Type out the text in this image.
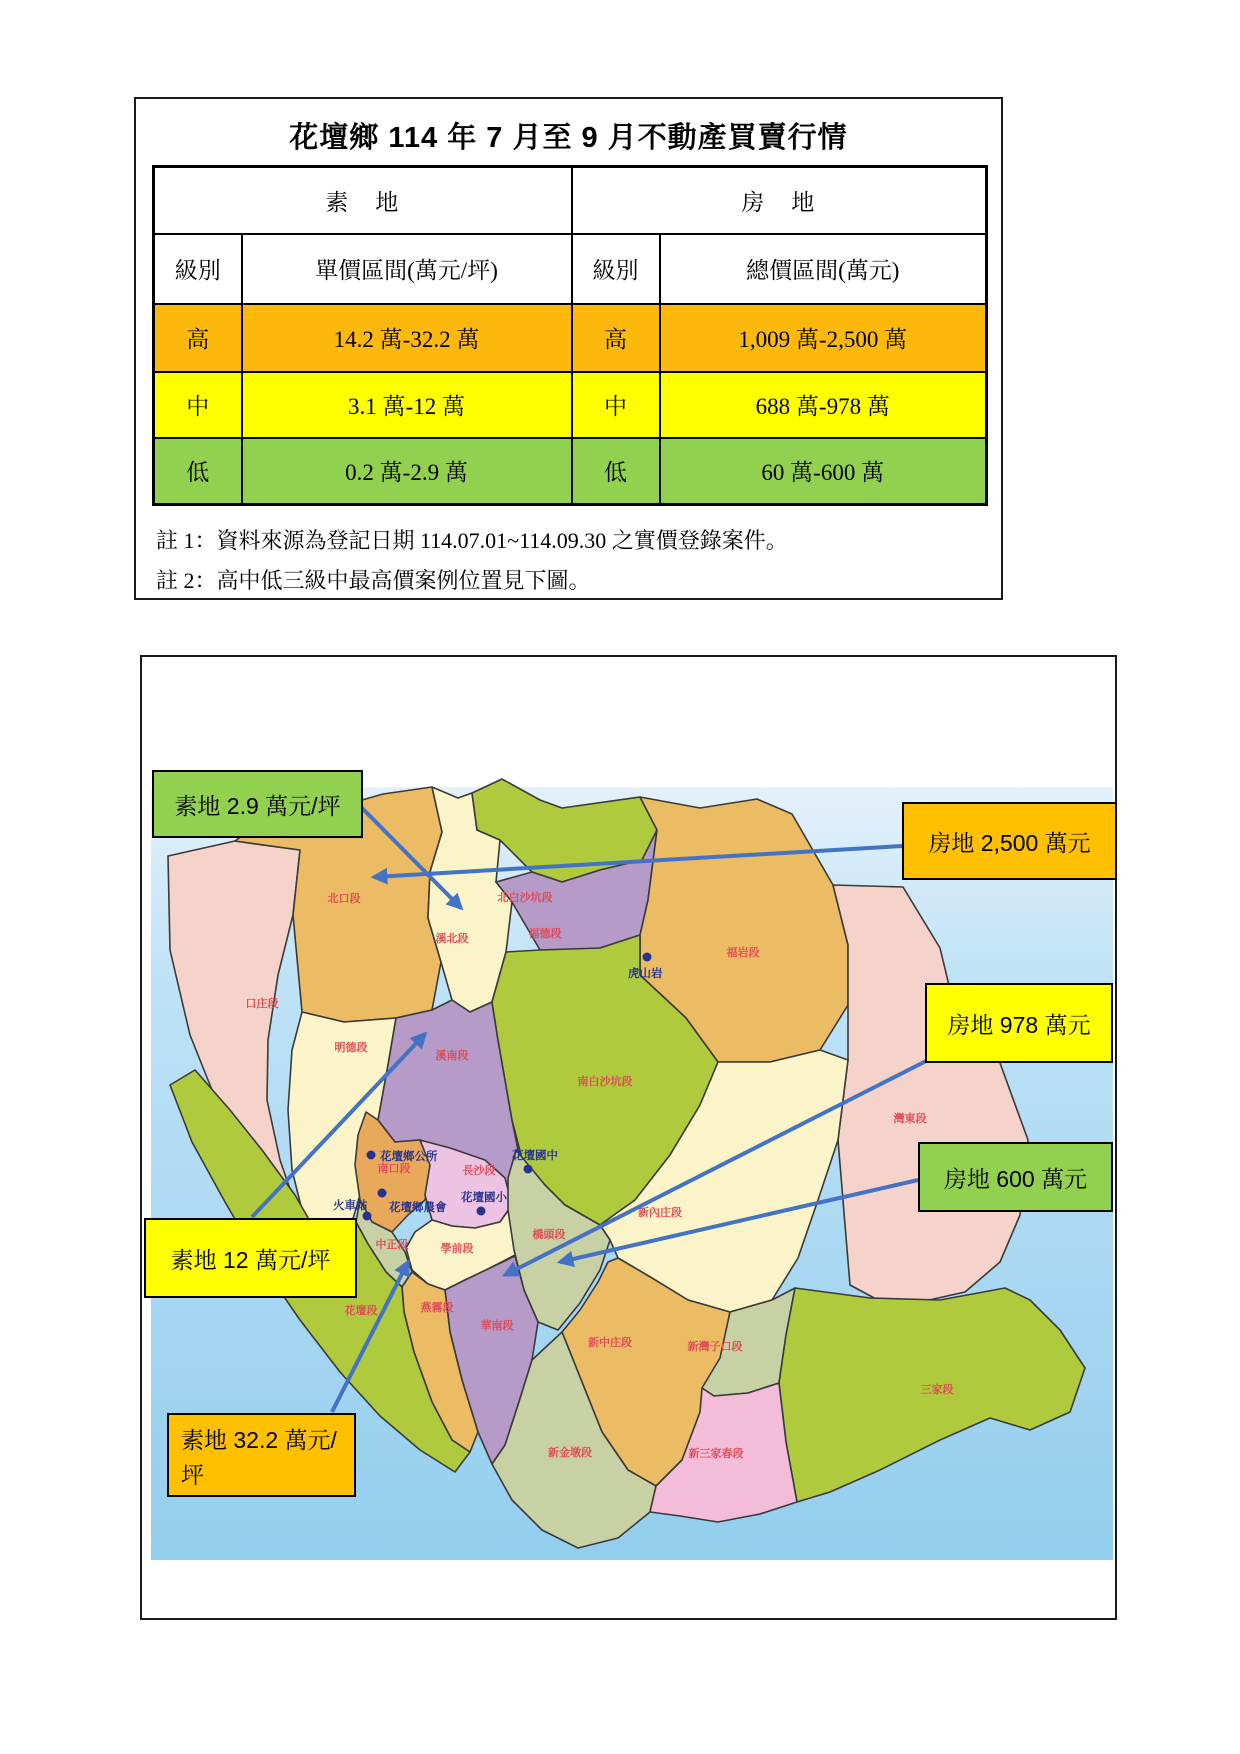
口庄段
北口段
明德段
溪北段
北白沙坑段
福德段
福岩段
溪南段
南白沙坑段
灣東段
新內庄段
南口段	長沙段
學前段
中正段
橋頭段
華南段
燕霧段
花壇段
新中庄段	新灣子口段
三家段
新金墩段	新三家春段
花壇鄉公所
花壇鄉農會
火車站
花壇國小
花壇國中
虎山岩
花壇鄉 114 年 7 月至 9 月不動產買賣行情
素　地		房　地	
級別	單價區間(萬元/坪)	級別	總價區間(萬元)
高	14.2 萬-32.2 萬	高	1,009 萬-2,500 萬
中	3.1 萬-12 萬	中	688 萬-978 萬
低	0.2 萬-2.9 萬	低	60 萬-600 萬
註 1：資料來源為登記日期 114.07.01~114.09.30 之實價登錄案件。
註 2：高中低三級中最高價案例位置見下圖。
素地 2.9 萬元/坪
房地 2,500 萬元
房地 978 萬元
房地 600 萬元
素地 12 萬元/坪
素地 32.2 萬元/坪
